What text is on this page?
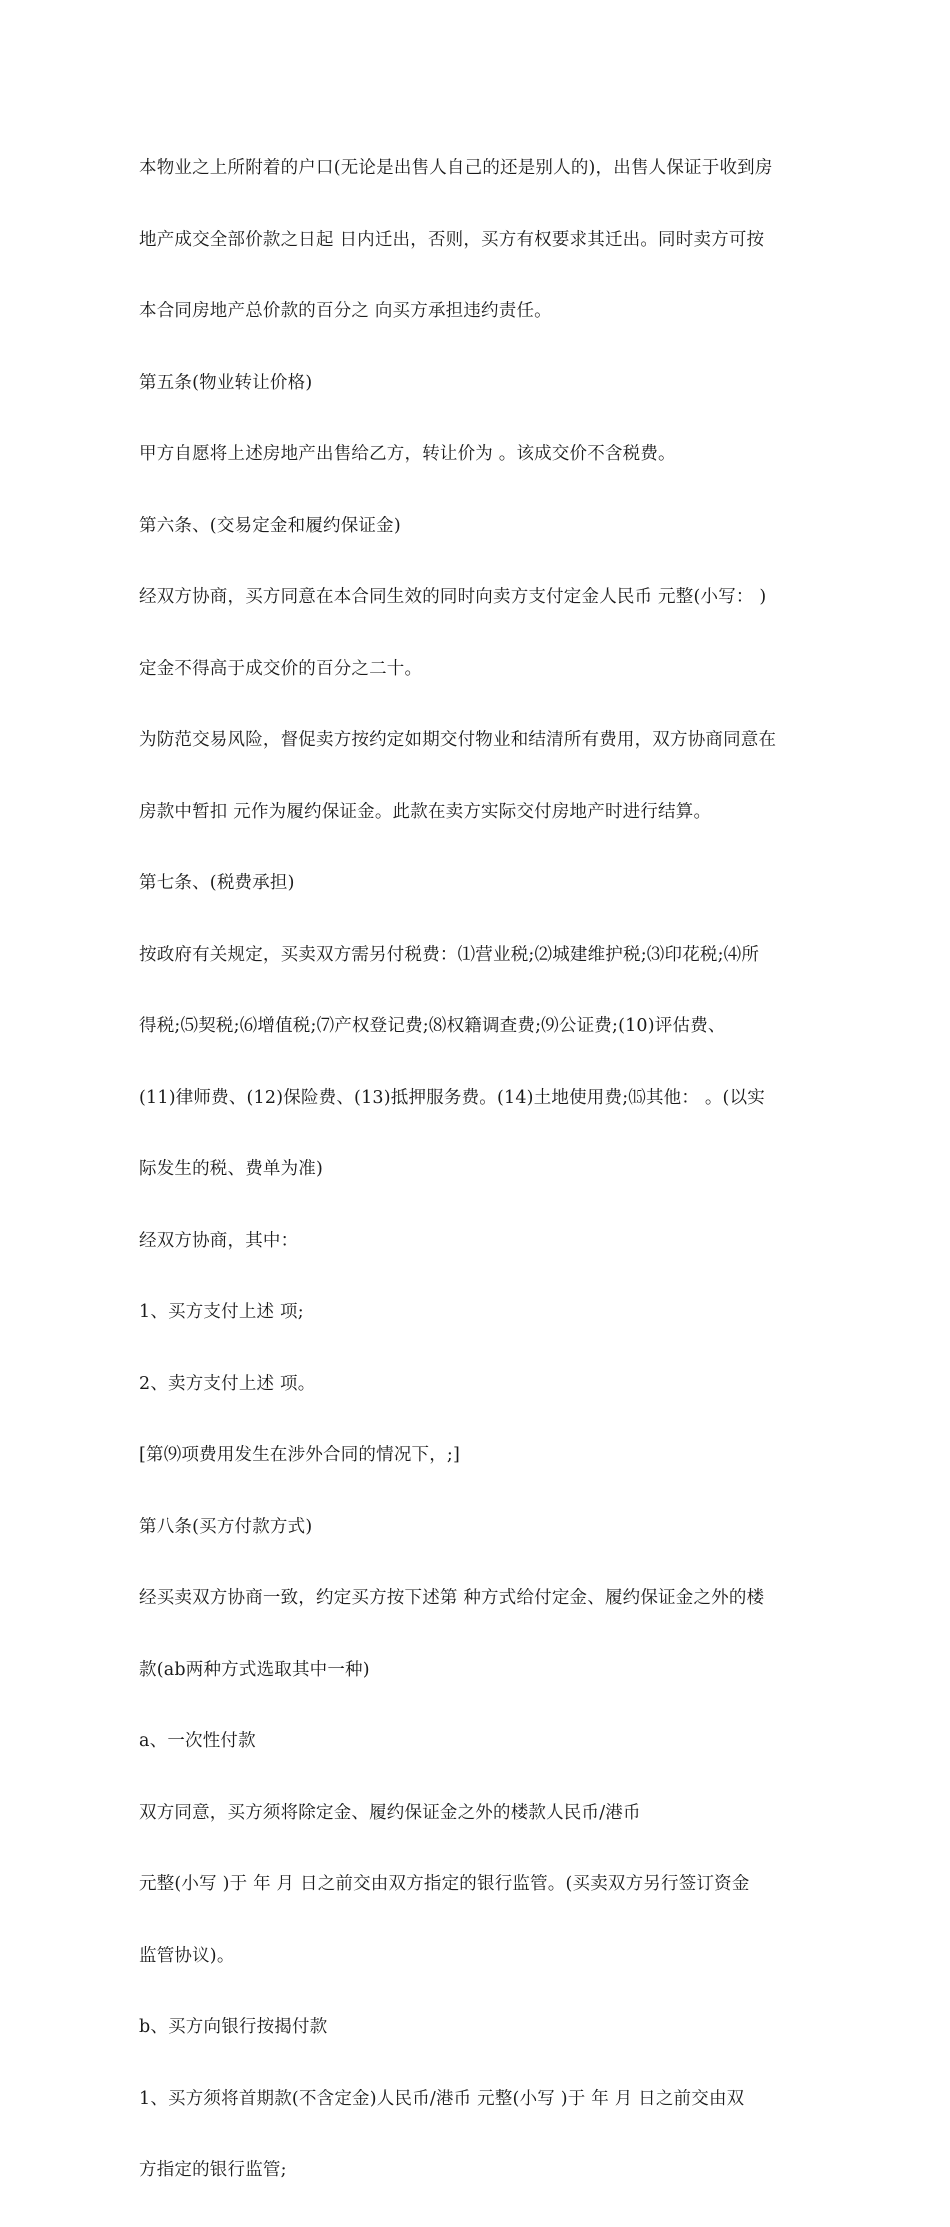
本物业之上所附着的户口(无论是出售人自己的还是别人的)，出售人保证于收到房

地产成交全部价款之日起 日内迁出，否则，买方有权要求其迁出。同时卖方可按

本合同房地产总价款的百分之 向买方承担违约责任。

第五条(物业转让价格)

甲方自愿将上述房地产出售给乙方，转让价为 。该成交价不含税费。

第六条、(交易定金和履约保证金)

经双方协商，买方同意在本合同生效的同时向卖方支付定金人民币 元整(小写： )

定金不得高于成交价的百分之二十。

为防范交易风险，督促卖方按约定如期交付物业和结清所有费用，双方协商同意在

房款中暂扣 元作为履约保证金。此款在卖方实际交付房地产时进行结算。

第七条、(税费承担)

按政府有关规定，买卖双方需另付税费：⑴营业税;⑵城建维护税;⑶印花税;⑷所

得税;⑸契税;⑹增值税;⑺产权登记费;⑻权籍调查费;⑼公证费;(10)评估费、

(11)律师费、(12)保险费、(13)抵押服务费。(14)土地使用费;⒂其他： 。(以实

际发生的税、费单为准)

经双方协商，其中：

1、买方支付上述 项;

2、卖方支付上述 项。

[第⑼项费用发生在涉外合同的情况下，;]

第八条(买方付款方式)

经买卖双方协商一致，约定买方按下述第 种方式给付定金、履约保证金之外的楼

款(ab两种方式选取其中一种)

a、一次性付款

双方同意，买方须将除定金、履约保证金之外的楼款人民币/港币

元整(小写 )于 年 月 日之前交由双方指定的银行监管。(买卖双方另行签订资金

监管协议)。

b、买方向银行按揭付款

1、买方须将首期款(不含定金)人民币/港币 元整(小写 )于 年 月 日之前交由双

方指定的银行监管;
